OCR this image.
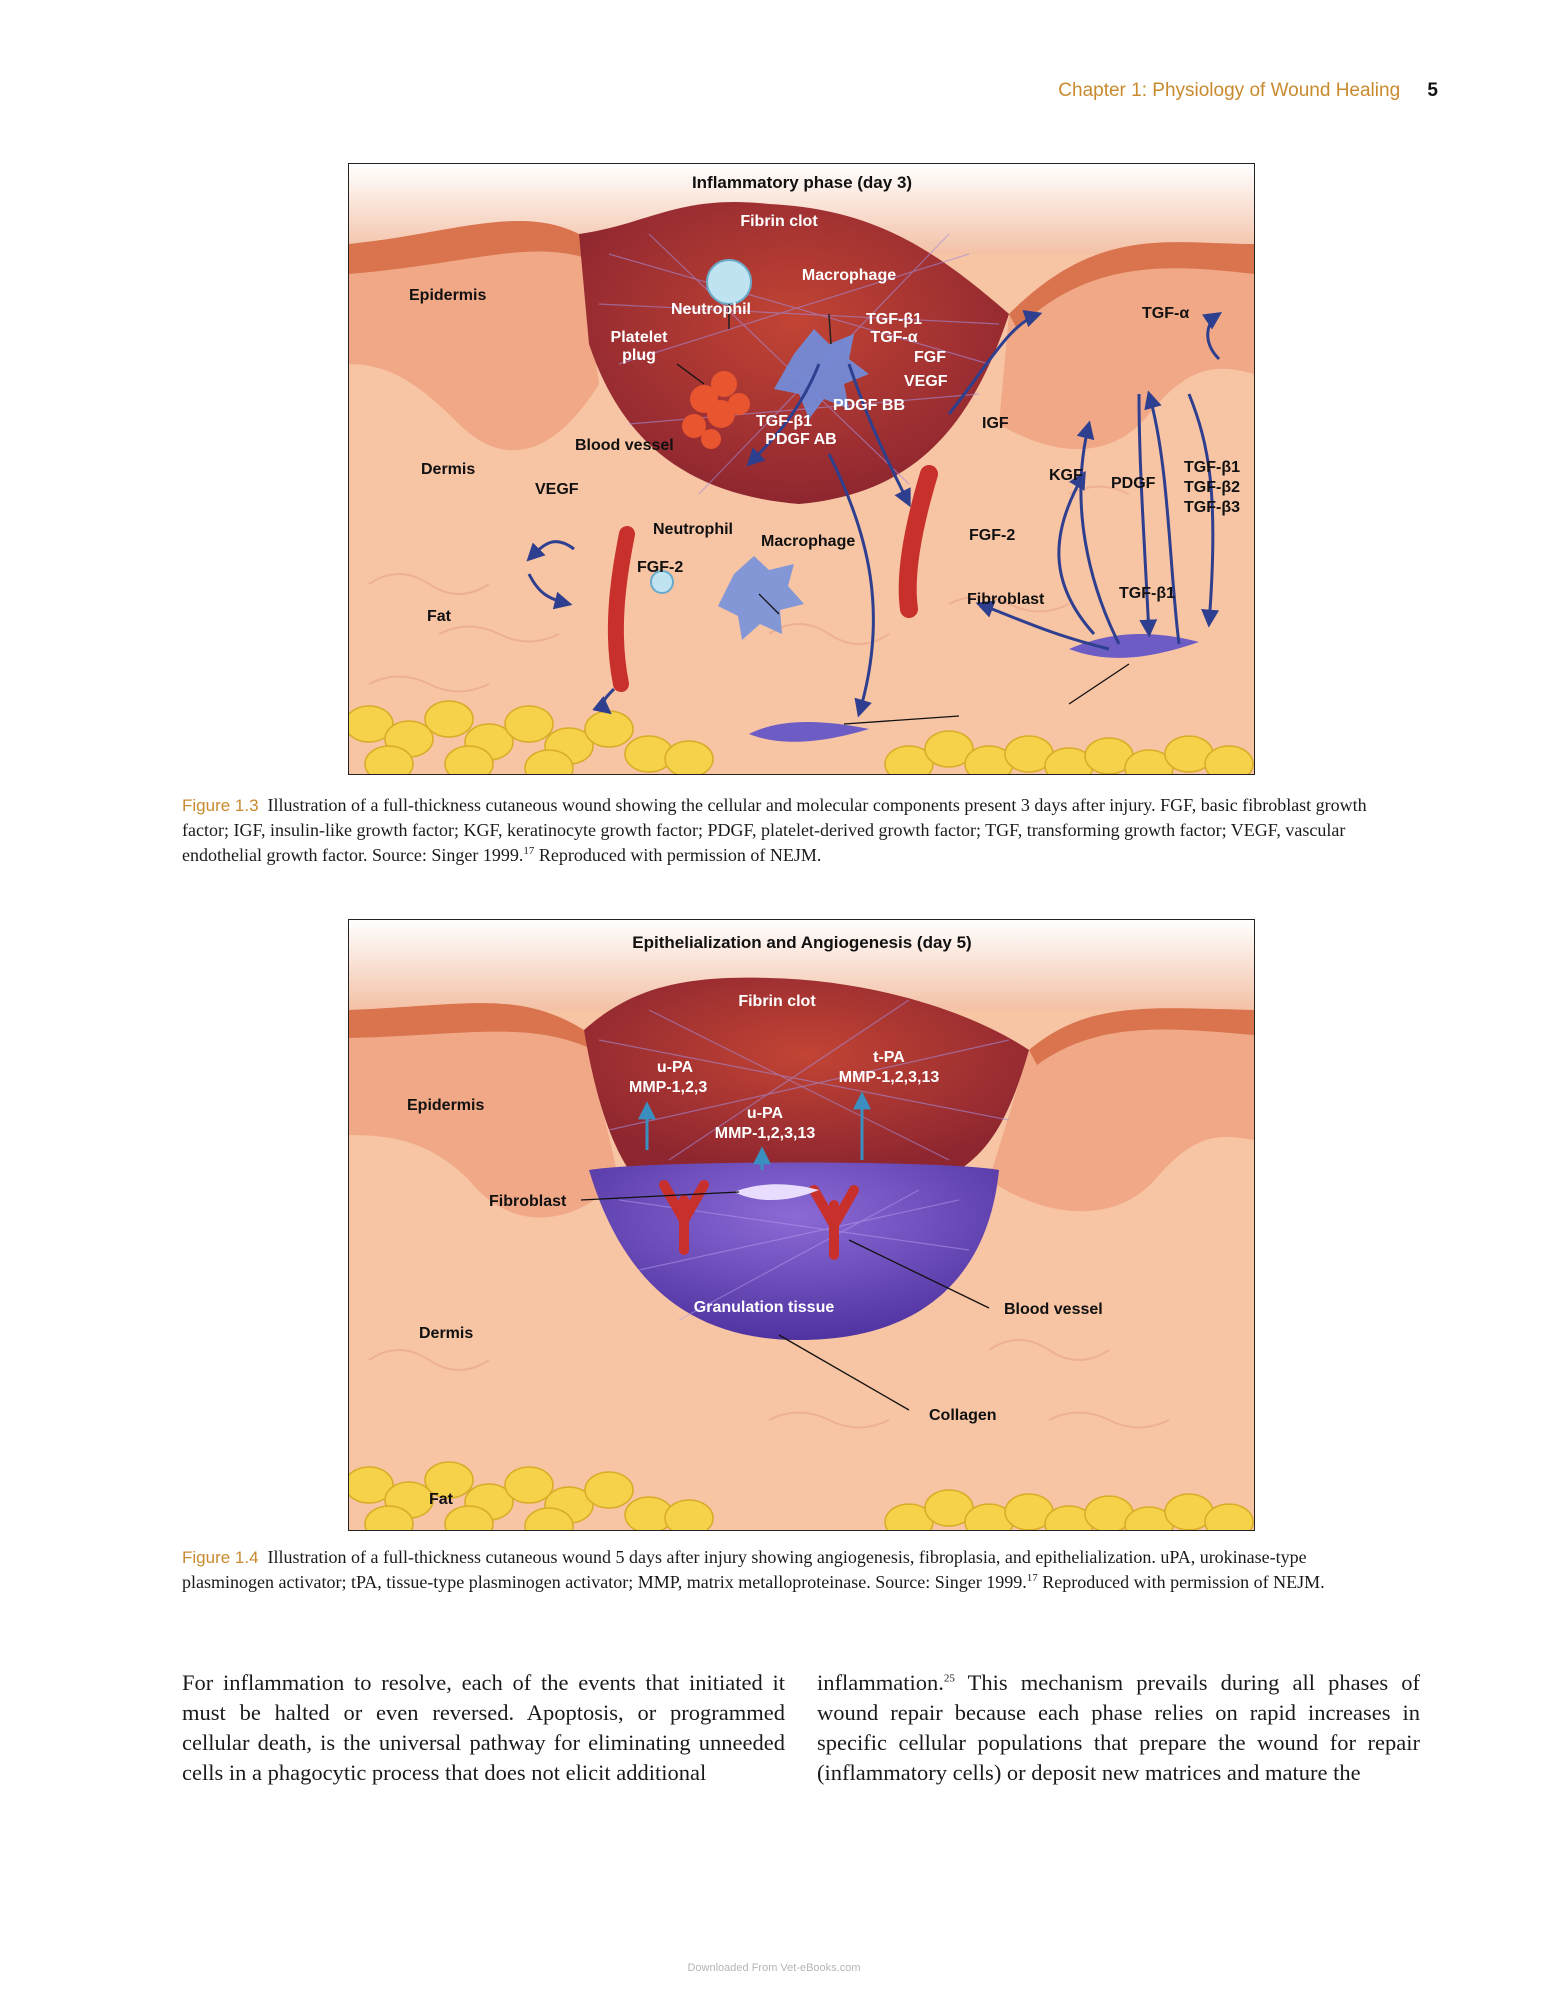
Chapter 1: Physiology of Wound Healing 5
Inflammatory phase (day 3)
Fibrin clot
Macrophage
Neutrophil
Platelet
plug
Epidermis
Dermis
Fat
TGF-β1
TGF-α
FGF
VEGF
PDGF BB
TGF-β1
PDGF AB
Blood vessel
VEGF
Neutrophil
Macrophage
FGF-2
IGF
KGF PDGF
TGF-β1
TGF-β2
TGF-β3
TGF-α
FGF-2
Fibroblast	TGF-β1
Figure 1.3 Illustration of a full-thickness cutaneous wound showing the cellular and molecular components present 3 days after injury. FGF, basic fibroblast growth factor; IGF, insulin-like growth factor; KGF, keratinocyte growth factor; PDGF, platelet-derived growth factor; TGF, transforming growth factor; VEGF, vascular endothelial growth factor. Source: Singer 1999.17 Reproduced with permission of NEJM.
Epithelialization and Angiogenesis (day 5)
Fibrin clot
u-PA
MMP-1,2,3
t-PA
MMP-1,2,3,13
u-PA
MMP-1,2,3,13
Epidermis
Fibroblast
Granulation tissue	Blood vessel
Dermis
Collagen
Fat
Figure 1.4 Illustration of a full-thickness cutaneous wound 5 days after injury showing angiogenesis, fibroplasia, and epithelialization. uPA, urokinase-type plasminogen activator; tPA, tissue-type plasminogen activator; MMP, matrix metalloproteinase. Source: Singer 1999.17 Reproduced with permission of NEJM.
For inflammation to resolve, each of the events that initiated it must be halted or even reversed. Apoptosis, or programmed cellular death, is the universal pathway for eliminating unneeded cells in a phagocytic process that does not elicit additional
inflammation.$^{25}$ This mechanism prevails during all phases of wound repair because each phase relies on rapid increases in specific cellular populations that prepare the wound for repair (inflammatory cells) or deposit new matrices and mature the
Downloaded From Vet-eBooks.com
